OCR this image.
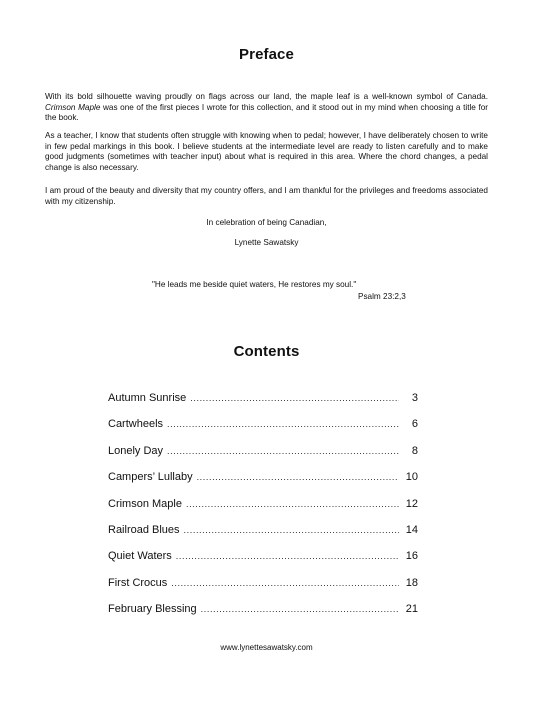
Preface

With its bold silhouette waving proudly on flags across our land, the maple leaf is a well-known symbol of Canada. Crimson Maple was one of the first pieces I wrote for this collection, and it stood out in my mind when choosing a title for the book.

As a teacher, I know that students often struggle with knowing when to pedal; however, I have deliberately chosen to write in few pedal markings in this book. I believe students at the intermediate level are ready to listen carefully and to make good judgments (sometimes with teacher input) about what is required in this area. Where the chord changes, a pedal change is also necessary.

I am proud of the beauty and diversity that my country offers, and I am thankful for the privileges and freedoms associated with my citizenship.

In celebration of being Canadian,
Lynette Sawatsky
"He leads me beside quiet waters, He restores my soul."
Psalm 23:2,3
Contents
Autumn Sunrise .....	3
Cartwheels .....	6
Lonely Day .....	8
Campers’ Lullaby .....	10
Crimson Maple .....	12
Railroad Blues .....	14
Quiet Waters .....	16
First Crocus .....	18
February Blessing .....	21
www.lynettesawatsky.com
